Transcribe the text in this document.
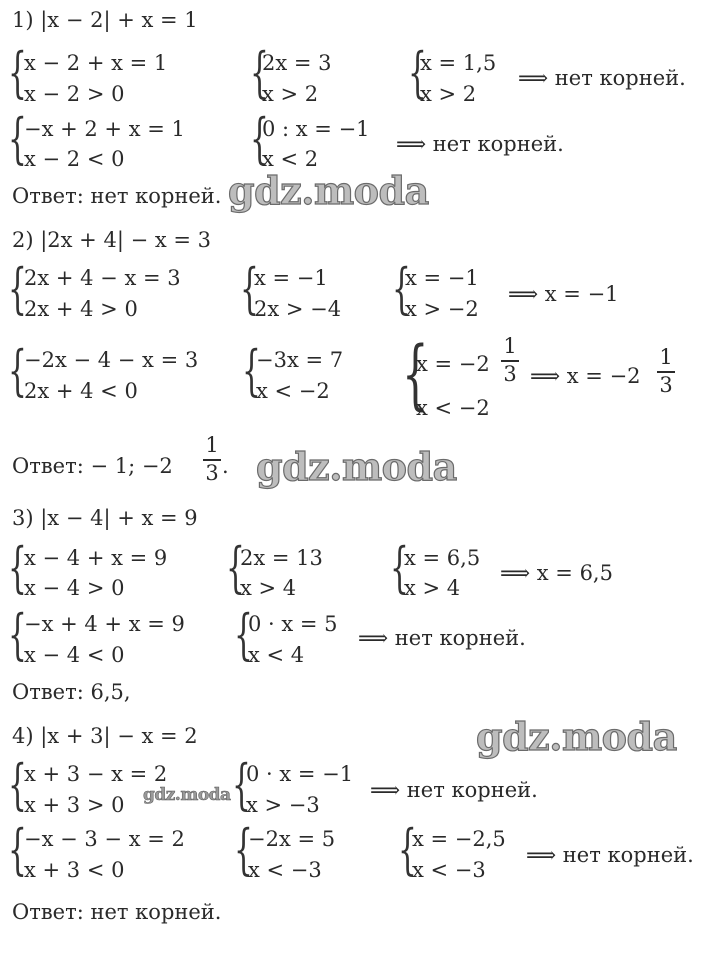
1) |x − 2| + x = 1
{
x − 2 + x = 1
x − 2 > 0 {
2x = 3
x > 2 {
x = 1,5
x > 2
⟹ нет корней.
{
−x + 2 + x = 1
x − 2 < 0 {
0 : x = −1
x < 2
⟹ нет корней.
Ответ: нет корней. gdz.moda
2) |2x + 4| − x = 3
{
2x + 4 − x = 3
2x + 4 > 0 {
x = −1
2x > −4 {
x = −1
x > −2
⟹ x = −1
{
−2x − 4 − x = 3
2x + 4 < 0 {
−3x = 7
x < −2 {
x = −2
1
3
x < −2
⟹ x = −2
1
3
Ответ: − 1; −2
1
3 . gdz.moda
3) |x − 4| + x = 9
{
x − 4 + x = 9
x − 4 > 0 {
2x = 13
x > 4 {
x = 6,5
x > 4
⟹ x = 6,5
{
−x + 4 + x = 9
x − 4 < 0 {
0 · x = 5
x < 4
⟹ нет корней.
Ответ: 6,5,
4) |x + 3| − x = 2	gdz.moda
{
x + 3 − x = 2
x + 3 > 0 gdz.moda {
0 · x = −1
x > −3
⟹ нет корней.
{
−x − 3 − x = 2
x + 3 < 0 {
−2x = 5
x < −3 {
x = −2,5
x < −3
⟹ нет корней.
Ответ: нет корней.
